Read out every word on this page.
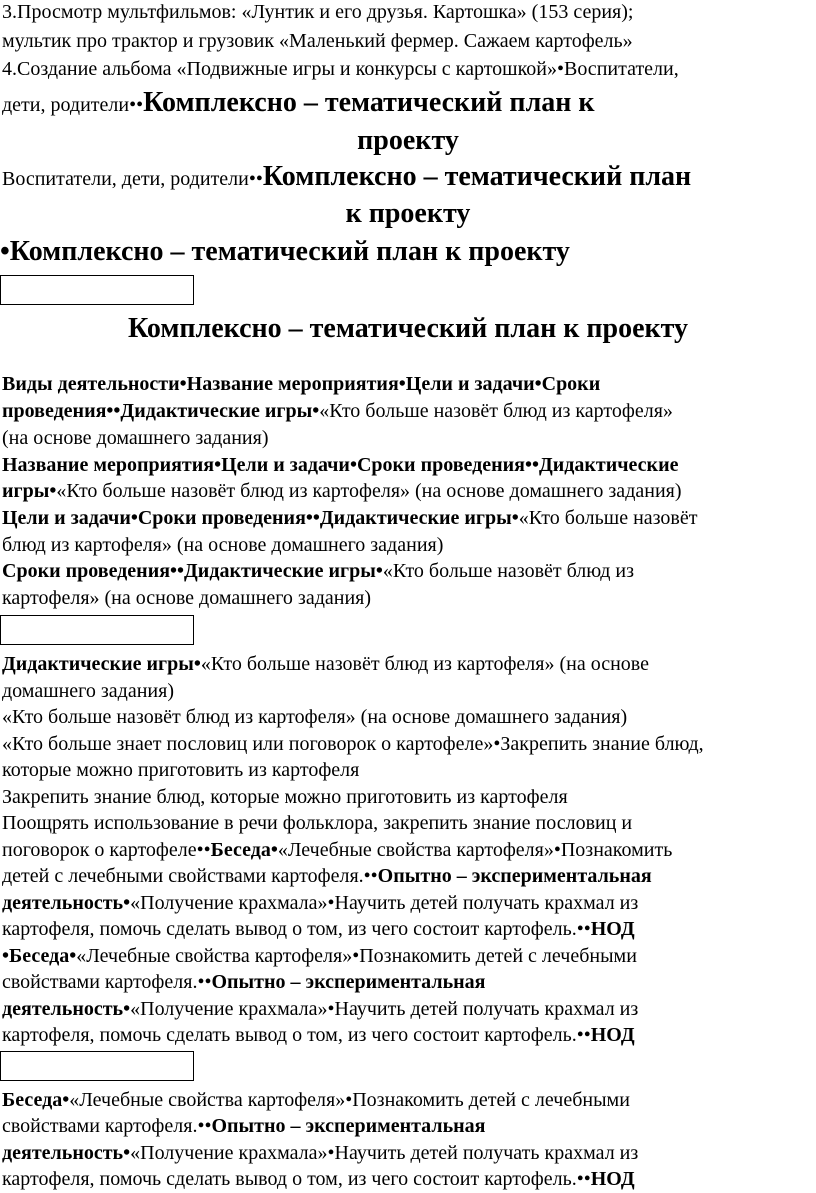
3.Просмотр мультфильмов: «Лунтик и его друзья. Картошка» (153 серия);
мультик про трактор и грузовик «Маленький фермер. Сажаем картофель»
4.Создание альбома «Подвижные игры и конкурсы с картошкой»•Воспитатели,
дети, родители••Комплексно – тематический план к
проекту
Воспитатели, дети, родители••Комплексно – тематический план
к проекту
•Комплексно – тематический план к проекту
Комплексно – тематический план к проекту
Виды деятельности•Название мероприятия•Цели и задачи•Сроки
проведения••Дидактические игры•«Кто больше назовёт блюд из картофеля»
(на основе домашнего задания)
Название мероприятия•Цели и задачи•Сроки проведения••Дидактические
игры•«Кто больше назовёт блюд из картофеля» (на основе домашнего задания)
Цели и задачи•Сроки проведения••Дидактические игры•«Кто больше назовёт
блюд из картофеля» (на основе домашнего задания)
Сроки проведения••Дидактические игры•«Кто больше назовёт блюд из
картофеля» (на основе домашнего задания)
Дидактические игры•«Кто больше назовёт блюд из картофеля» (на основе
домашнего задания)
«Кто больше назовёт блюд из картофеля» (на основе домашнего задания)
«Кто больше знает пословиц или поговорок о картофеле»•Закрепить знание блюд,
которые можно приготовить из картофеля
Закрепить знание блюд, которые можно приготовить из картофеля
Поощрять использование в речи фольклора, закрепить знание пословиц и
поговорок о картофеле••Беседа•«Лечебные свойства картофеля»•Познакомить
детей с лечебными свойствами картофеля.••Опытно – экспериментальная
деятельность•«Получение крахмала»•Научить детей получать крахмал из
картофеля, помочь сделать вывод о том, из чего состоит картофель.••НОД
•Беседа•«Лечебные свойства картофеля»•Познакомить детей с лечебными
свойствами картофеля.••Опытно – экспериментальная
деятельность•«Получение крахмала»•Научить детей получать крахмал из
картофеля, помочь сделать вывод о том, из чего состоит картофель.••НОД
Беседа•«Лечебные свойства картофеля»•Познакомить детей с лечебными
свойствами картофеля.••Опытно – экспериментальная
деятельность•«Получение крахмала»•Научить детей получать крахмал из
картофеля, помочь сделать вывод о том, из чего состоит картофель.••НОД
